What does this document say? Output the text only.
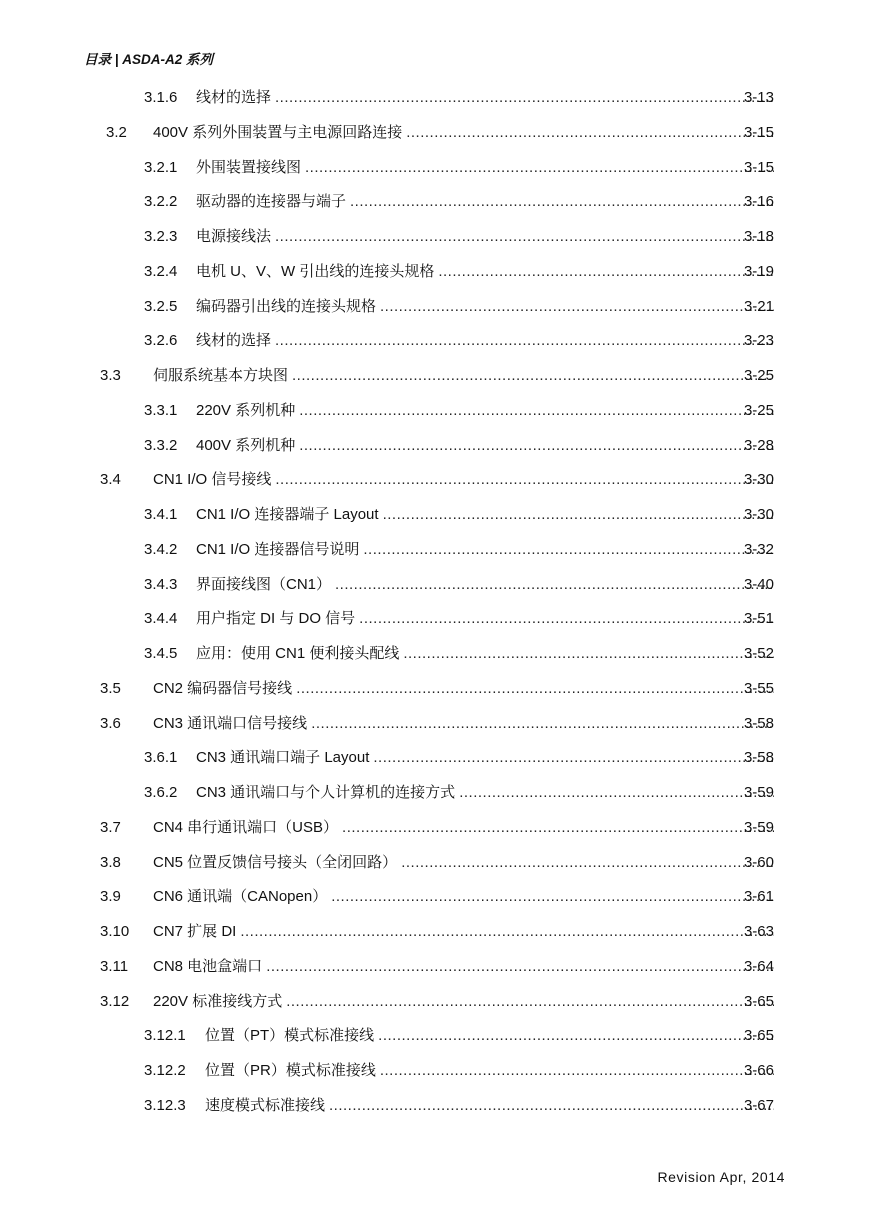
目录 | ASDA-A2 系列
3.1.6 线材的选择 .....	3-13
3.2 400V 系列外围装置与主电源回路连接 .....	3-15
3.2.1 外围装置接线图 .....	3-15
3.2.2 驱动器的连接器与端子 .....	3-16
3.2.3 电源接线法 .....	3-18
3.2.4 电机 U、V、W 引出线的连接头规格 .....	3-19
3.2.5 编码器引出线的连接头规格 .....	3-21
3.2.6 线材的选择 .....	3-23
3.3 伺服系统基本方块图 .....	3-25
3.3.1 220V 系列机种 .....	3-25
3.3.2 400V 系列机种 .....	3-28
3.4 CN1 I/O 信号接线 .....	3-30
3.4.1 CN1 I/O 连接器端子 Layout .....	3-30
3.4.2 CN1 I/O 连接器信号说明 .....	3-32
3.4.3 界面接线图（CN1） .....	3-40
3.4.4 用户指定 DI 与 DO 信号 .....	3-51
3.4.5 应用：使用 CN1 便利接头配线 .....	3-52
3.5 CN2 编码器信号接线 .....	3-55
3.6 CN3 通讯端口信号接线 .....	3-58
3.6.1 CN3 通讯端口端子 Layout .....	3-58
3.6.2 CN3 通讯端口与个人计算机的连接方式 .....	3-59
3.7 CN4 串行通讯端口（USB） .....	3-59
3.8 CN5 位置反馈信号接头（全闭回路） .....	3-60
3.9 CN6 通讯端（CANopen） .....	3-61
3.10 CN7 扩展 DI .....	3-63
3.11 CN8 电池盒端口 .....	3-64
3.12 220V 标准接线方式 .....	3-65
3.12.1 位置（PT）模式标准接线 .....	3-65
3.12.2 位置（PR）模式标准接线 .....	3-66
3.12.3 速度模式标准接线 .....	3-67
Revision Apr, 2014
